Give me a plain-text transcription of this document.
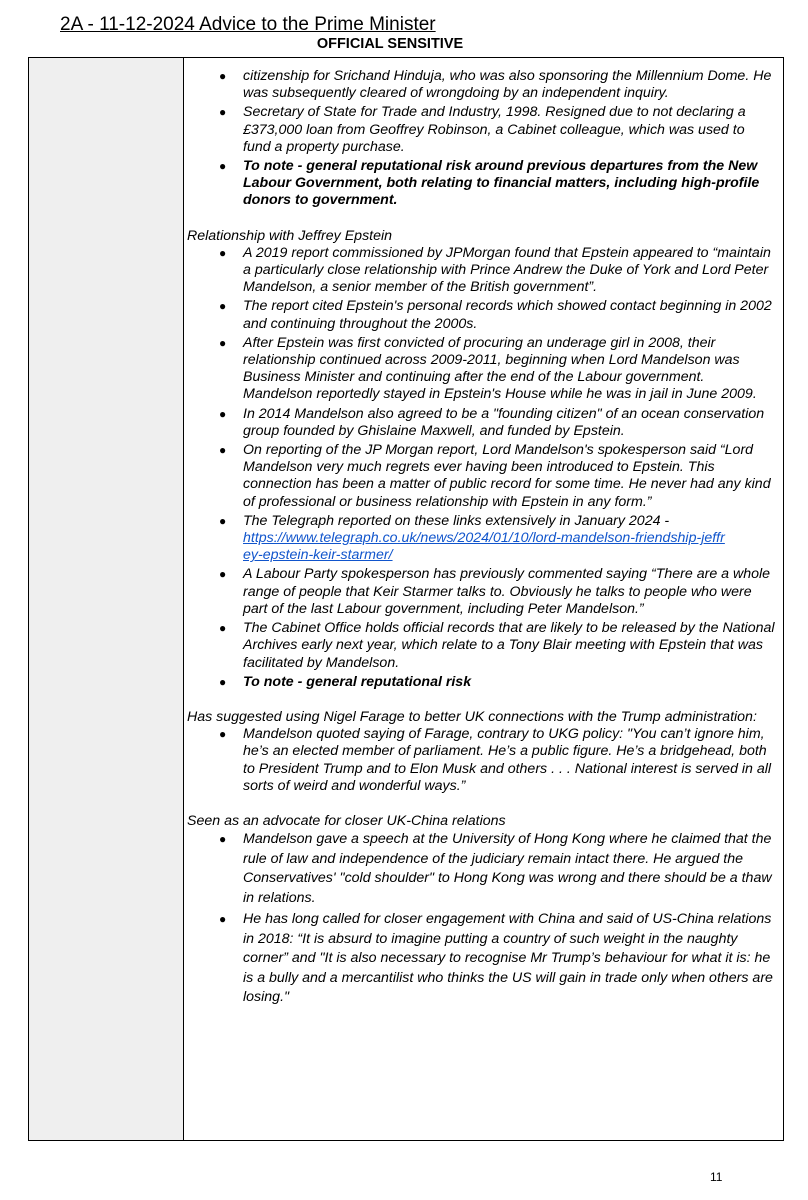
2A - 11-12-2024 Advice to the Prime Minister
OFFICIAL SENSITIVE
● citizenship for Srichand Hinduja, who was also sponsoring the Millennium Dome. He was subsequently cleared of wrongdoing by an independent inquiry.
● Secretary of State for Trade and Industry, 1998. Resigned due to not declaring a £373,000 loan from Geoffrey Robinson, a Cabinet colleague, which was used to fund a property purchase.
● To note - general reputational risk around previous departures from the New Labour Government, both relating to financial matters, including high-profile donors to government.

Relationship with Jeffrey Epstein

● A 2019 report commissioned by JPMorgan found that Epstein appeared to “maintain a particularly close relationship with Prince Andrew the Duke of York and Lord Peter Mandelson, a senior member of the British government”.
● The report cited Epstein's personal records which showed contact beginning in 2002 and continuing throughout the 2000s.
● After Epstein was first convicted of procuring an underage girl in 2008, their relationship continued across 2009-2011, beginning when Lord Mandelson was Business Minister and continuing after the end of the Labour government. Mandelson reportedly stayed in Epstein's House while he was in jail in June 2009.
● In 2014 Mandelson also agreed to be a "founding citizen" of an ocean conservation group founded by Ghislaine Maxwell, and funded by Epstein.
● On reporting of the JP Morgan report, Lord Mandelson's spokesperson said “Lord Mandelson very much regrets ever having been introduced to Epstein. This connection has been a matter of public record for some time. He never had any kind of professional or business relationship with Epstein in any form.”
● The Telegraph reported on these links extensively in January 2024 -
https://www.telegraph.co.uk/news/2024/01/10/lord-mandelson-friendship-jeffr
ey-epstein-keir-starmer/
● A Labour Party spokesperson has previously commented saying “There are a whole range of people that Keir Starmer talks to. Obviously he talks to people who were part of the last Labour government, including Peter Mandelson.”
● The Cabinet Office holds official records that are likely to be released by the National Archives early next year, which relate to a Tony Blair meeting with Epstein that was facilitated by Mandelson.
● To note - general reputational risk

Has suggested using Nigel Farage to better UK connections with the Trump administration:

● Mandelson quoted saying of Farage, contrary to UKG policy: "You can’t ignore him, he’s an elected member of parliament. He’s a public figure. He’s a bridgehead, both to President Trump and to Elon Musk and others . . . National interest is served in all sorts of weird and wonderful ways.”

Seen as an advocate for closer UK-China relations

● Mandelson gave a speech at the University of Hong Kong where he claimed that the rule of law and independence of the judiciary remain intact there. He argued the Conservatives' "cold shoulder" to Hong Kong was wrong and there should be a thaw in relations.
● He has long called for closer engagement with China and said of US-China relations in 2018: “It is absurd to imagine putting a country of such weight in the naughty corner” and "It is also necessary to recognise Mr Trump’s behaviour for what it is: he is a bully and a mercantilist who thinks the US will gain in trade only when others are losing."
11
